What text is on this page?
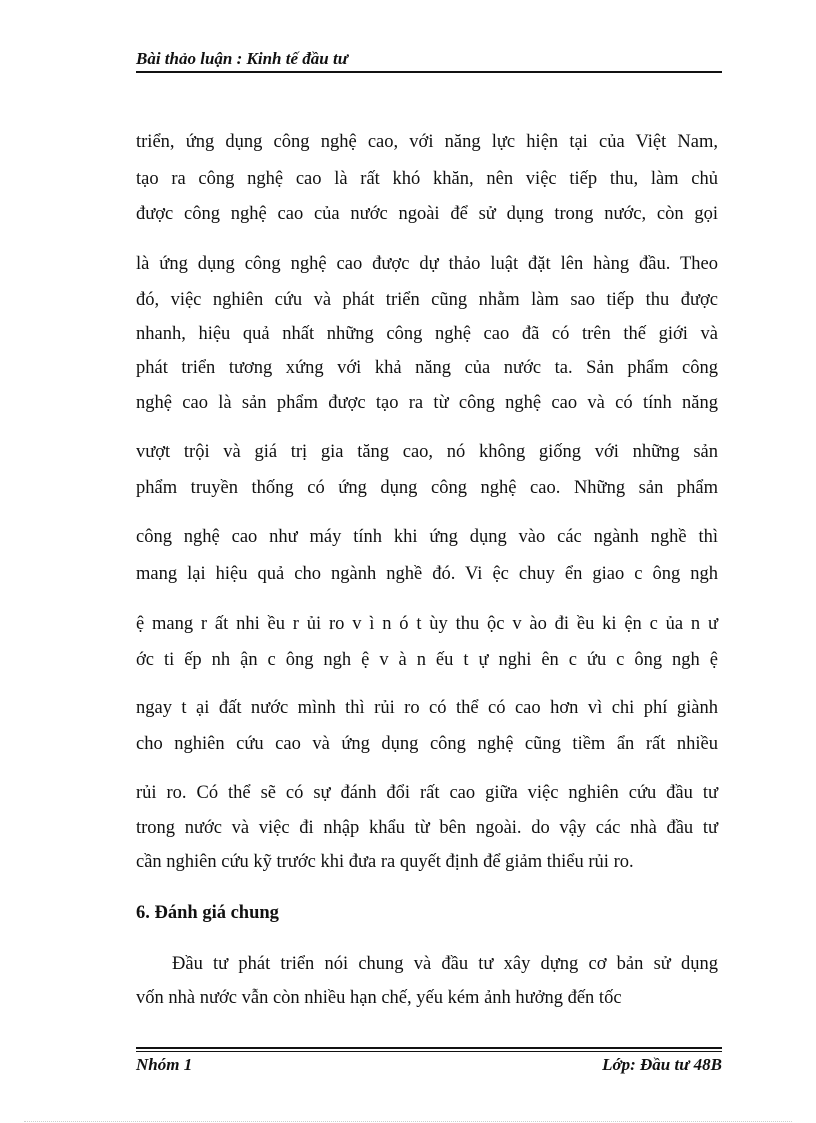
Bài thảo luận : Kinh tế đầu tư
triển, ứng dụng công nghệ cao, với năng lực hiện tại của Việt Nam,
tạo ra công nghệ cao là rất khó khăn, nên việc tiếp thu, làm chủ
được công nghệ cao của nước ngoài để sử dụng trong nước, còn gọi
là ứng dụng công nghệ cao được dự thảo luật đặt lên hàng đầu. Theo
đó, việc nghiên cứu và phát triển cũng nhằm làm sao tiếp thu được
nhanh, hiệu quả nhất những công nghệ cao đã có trên thế giới và
phát triển tương xứng với khả năng của nước ta. Sản phẩm công
nghệ cao là sản phẩm được tạo ra từ công nghệ cao và có tính năng
vượt trội và giá trị gia tăng cao, nó không giống với những sản
phẩm truyền thống có ứng dụng công nghệ cao. Những sản phẩm
công nghệ cao như máy tính khi ứng dụng vào các ngành nghề thì
mang lại hiệu quả cho ngành nghề đó. Vi ệc chuy ển giao c ông ngh
ệ mang r ất nhi ều r ủi ro v ì n ó t ùy thu ộc v ào đi ều ki ện c ủa n ư
ớc ti ếp nh ận c ông ngh ệ v à n ếu t ự nghi ên c ứu c ông ngh ệ
ngay t ại đất nước mình thì rủi ro có thể có cao hơn vì chi phí giành
cho nghiên cứu cao và ứng dụng công nghệ cũng tiềm ẩn rất nhiều
rủi ro. Có thể sẽ có sự đánh đổi rất cao giữa việc nghiên cứu đầu tư
trong nước và việc đi nhập khẩu từ bên ngoài. do vậy các nhà đầu tư
cần nghiên cứu kỹ trước khi đưa ra quyết định để giảm thiểu rủi ro.
6. Đánh giá chung
Đầu tư phát triển nói chung và đầu tư xây dựng cơ bản sử dụng
vốn nhà nước vẫn còn nhiều hạn chế, yếu kém ảnh hưởng đến tốc
Nhóm 1	Lớp: Đầu tư 48B
